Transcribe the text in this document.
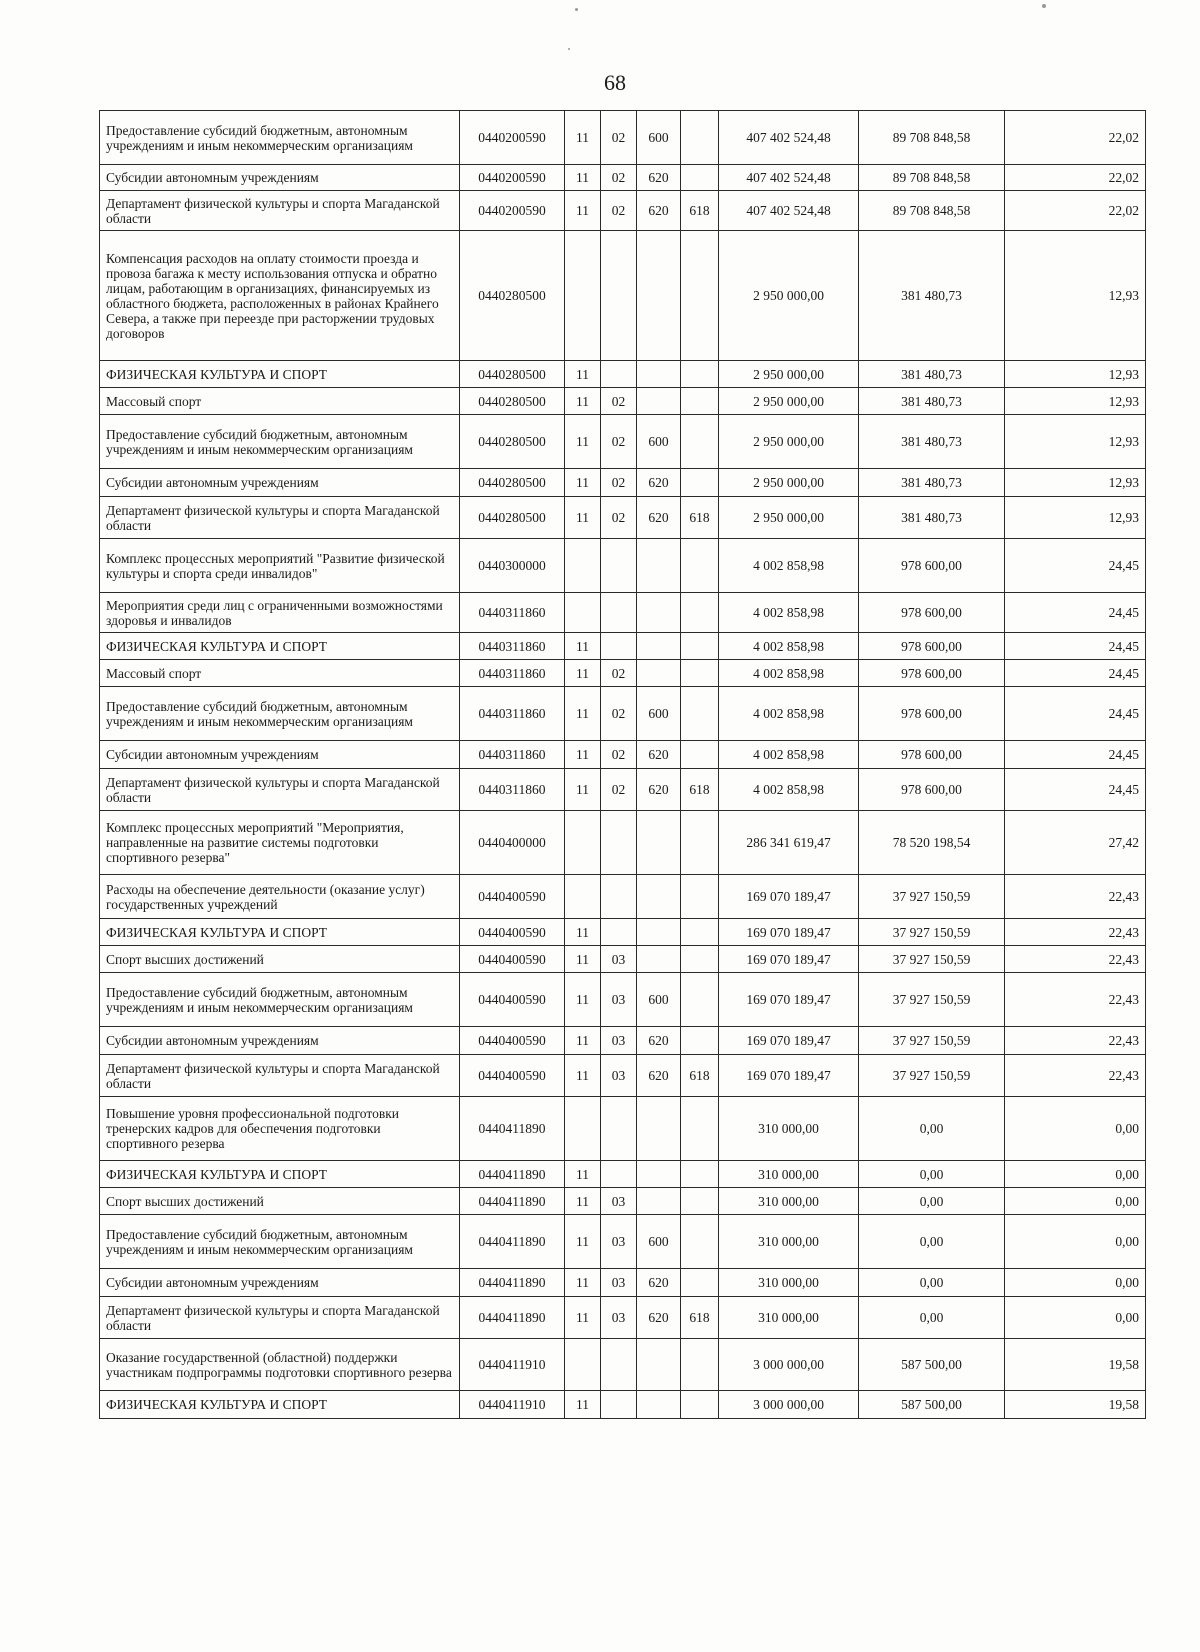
68
Предоставление субсидий бюджетным, автономным учреждениям и иным некоммерческим организациям	0440200590	11	02	600		407 402 524,48	89 708 848,58	22,02
Субсидии автономным учреждениям	0440200590	11	02	620		407 402 524,48	89 708 848,58	22,02
Департамент физической культуры и спорта Магаданской области	0440200590	11	02	620	618	407 402 524,48	89 708 848,58	22,02
Компенсация расходов на оплату стоимости проезда и провоза багажа к месту использования отпуска и обратно лицам, работающим в организациях, финансируемых из областного бюджета, расположенных в районах Крайнего Севера, а также при переезде при расторжении трудовых договоров	0440280500					2 950 000,00	381 480,73	12,93
ФИЗИЧЕСКАЯ КУЛЬТУРА И СПОРТ	0440280500	11				2 950 000,00	381 480,73	12,93
Массовый спорт	0440280500	11	02			2 950 000,00	381 480,73	12,93
Предоставление субсидий бюджетным, автономным учреждениям и иным некоммерческим организациям	0440280500	11	02	600		2 950 000,00	381 480,73	12,93
Субсидии автономным учреждениям	0440280500	11	02	620		2 950 000,00	381 480,73	12,93
Департамент физической культуры и спорта Магаданской области	0440280500	11	02	620	618	2 950 000,00	381 480,73	12,93
Комплекс процессных мероприятий "Развитие физической культуры и спорта среди инвалидов"	0440300000					4 002 858,98	978 600,00	24,45
Мероприятия среди лиц с ограниченными возможностями здоровья и инвалидов	0440311860					4 002 858,98	978 600,00	24,45
ФИЗИЧЕСКАЯ КУЛЬТУРА И СПОРТ	0440311860	11				4 002 858,98	978 600,00	24,45
Массовый спорт	0440311860	11	02			4 002 858,98	978 600,00	24,45
Предоставление субсидий бюджетным, автономным учреждениям и иным некоммерческим организациям	0440311860	11	02	600		4 002 858,98	978 600,00	24,45
Субсидии автономным учреждениям	0440311860	11	02	620		4 002 858,98	978 600,00	24,45
Департамент физической культуры и спорта Магаданской области	0440311860	11	02	620	618	4 002 858,98	978 600,00	24,45
Комплекс процессных мероприятий "Мероприятия, направленные на развитие системы подготовки спортивного резерва"	0440400000					286 341 619,47	78 520 198,54	27,42
Расходы на обеспечение деятельности (оказание услуг) государственных учреждений	0440400590					169 070 189,47	37 927 150,59	22,43
ФИЗИЧЕСКАЯ КУЛЬТУРА И СПОРТ	0440400590	11				169 070 189,47	37 927 150,59	22,43
Спорт высших достижений	0440400590	11	03			169 070 189,47	37 927 150,59	22,43
Предоставление субсидий бюджетным, автономным учреждениям и иным некоммерческим организациям	0440400590	11	03	600		169 070 189,47	37 927 150,59	22,43
Субсидии автономным учреждениям	0440400590	11	03	620		169 070 189,47	37 927 150,59	22,43
Департамент физической культуры и спорта Магаданской области	0440400590	11	03	620	618	169 070 189,47	37 927 150,59	22,43
Повышение уровня профессиональной подготовки тренерских кадров для обеспечения подготовки спортивного резерва	0440411890					310 000,00	0,00	0,00
ФИЗИЧЕСКАЯ КУЛЬТУРА И СПОРТ	0440411890	11				310 000,00	0,00	0,00
Спорт высших достижений	0440411890	11	03			310 000,00	0,00	0,00
Предоставление субсидий бюджетным, автономным учреждениям и иным некоммерческим организациям	0440411890	11	03	600		310 000,00	0,00	0,00
Субсидии автономным учреждениям	0440411890	11	03	620		310 000,00	0,00	0,00
Департамент физической культуры и спорта Магаданской области	0440411890	11	03	620	618	310 000,00	0,00	0,00
Оказание государственной (областной) поддержки участникам подпрограммы подготовки спортивного резерва	0440411910					3 000 000,00	587 500,00	19,58
ФИЗИЧЕСКАЯ КУЛЬТУРА И СПОРТ	0440411910	11				3 000 000,00	587 500,00	19,58
